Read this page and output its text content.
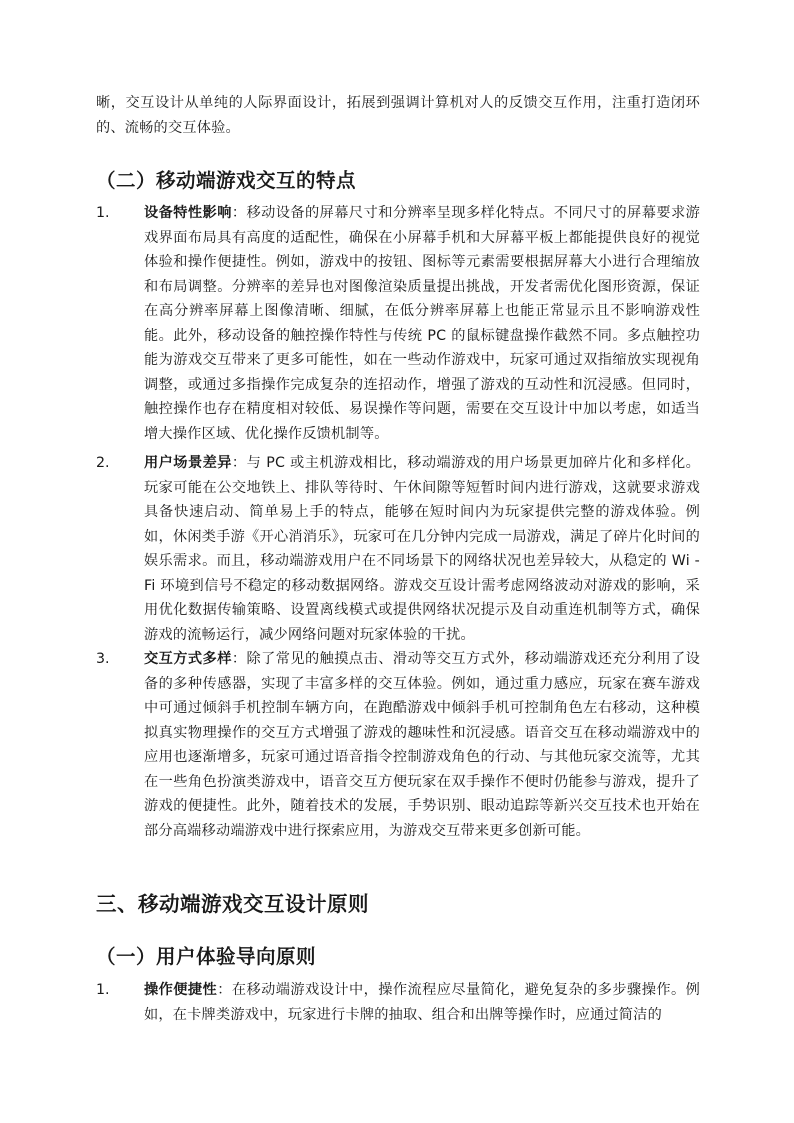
晰，交互设计从单纯的人际界面设计，拓展到强调计算机对人的反馈交互作用，注重打造闭环的、流畅的交互体验。

（二）移动端游戏交互的特点
1. 设备特性影响：移动设备的屏幕尺寸和分辨率呈现多样化特点。不同尺寸的屏幕要求游戏界面布局具有高度的适配性，确保在小屏幕手机和大屏幕平板上都能提供良好的视觉体验和操作便捷性。例如，游戏中的按钮、图标等元素需要根据屏幕大小进行合理缩放和布局调整。分辨率的差异也对图像渲染质量提出挑战，开发者需优化图形资源，保证在高分辨率屏幕上图像清晰、细腻，在低分辨率屏幕上也能正常显示且不影响游戏性能。此外，移动设备的触控操作特性与传统 PC 的鼠标键盘操作截然不同。多点触控功能为游戏交互带来了更多可能性，如在一些动作游戏中，玩家可通过双指缩放实现视角调整，或通过多指操作完成复杂的连招动作，增强了游戏的互动性和沉浸感。但同时，触控操作也存在精度相对较低、易误操作等问题，需要在交互设计中加以考虑，如适当增大操作区域、优化操作反馈机制等。
2. 用户场景差异：与 PC 或主机游戏相比，移动端游戏的用户场景更加碎片化和多样化。玩家可能在公交地铁上、排队等待时、午休间隙等短暂时间内进行游戏，这就要求游戏具备快速启动、简单易上手的特点，能够在短时间内为玩家提供完整的游戏体验。例如，休闲类手游《开心消消乐》，玩家可在几分钟内完成一局游戏，满足了碎片化时间的娱乐需求。而且，移动端游戏用户在不同场景下的网络状况也差异较大，从稳定的 Wi - Fi 环境到信号不稳定的移动数据网络。游戏交互设计需考虑网络波动对游戏的影响，采用优化数据传输策略、设置离线模式或提供网络状况提示及自动重连机制等方式，确保游戏的流畅运行，减少网络问题对玩家体验的干扰。
3. 交互方式多样：除了常见的触摸点击、滑动等交互方式外，移动端游戏还充分利用了设备的多种传感器，实现了丰富多样的交互体验。例如，通过重力感应，玩家在赛车游戏中可通过倾斜手机控制车辆方向，在跑酷游戏中倾斜手机可控制角色左右移动，这种模拟真实物理操作的交互方式增强了游戏的趣味性和沉浸感。语音交互在移动端游戏中的应用也逐渐增多，玩家可通过语音指令控制游戏角色的行动、与其他玩家交流等，尤其在一些角色扮演类游戏中，语音交互方便玩家在双手操作不便时仍能参与游戏，提升了游戏的便捷性。此外，随着技术的发展，手势识别、眼动追踪等新兴交互技术也开始在部分高端移动端游戏中进行探索应用，为游戏交互带来更多创新可能。
三、移动端游戏交互设计原则
（一）用户体验导向原则
1. 操作便捷性：在移动端游戏设计中，操作流程应尽量简化，避免复杂的多步骤操作。例如，在卡牌类游戏中，玩家进行卡牌的抽取、组合和出牌等操作时，应通过简洁的
